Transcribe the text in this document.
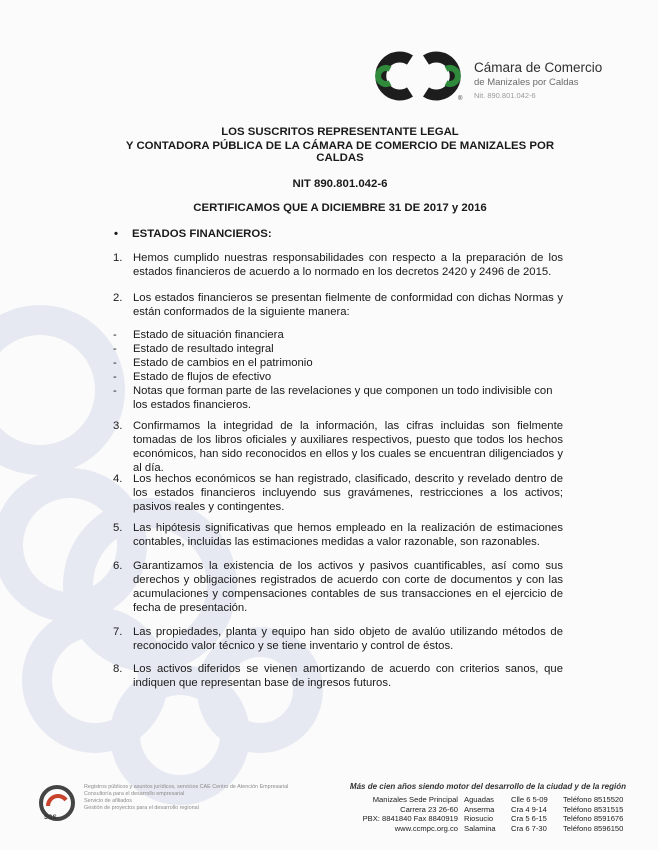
®
Cámara de Comercio
de Manizales por Caldas
Nit. 890.801.042-6
LOS SUSCRITOS REPRESENTANTE LEGAL
Y CONTADORA PÚBLICA DE LA CÁMARA DE COMERCIO DE MANIZALES POR
CALDAS
NIT 890.801.042-6
CERTIFICAMOS QUE A DICIEMBRE 31 DE 2017 y 2016
• ESTADOS FINANCIEROS:
1. Hemos cumplido nuestras responsabilidades con respecto a la preparación de los estados financieros de acuerdo a lo normado en los decretos 2420 y 2496 de 2015.
2. Los estados financieros se presentan fielmente de conformidad con dichas Normas y están conformados de la siguiente manera:
- Estado de situación financiera
- Estado de resultado integral
- Estado de cambios en el patrimonio
- Estado de flujos de efectivo
- Notas que forman parte de las revelaciones y que componen un todo indivisible con los estados financieros.
3. Confirmamos la integridad de la información, las cifras incluidas son fielmente tomadas de los libros oficiales y auxiliares respectivos, puesto que todos los hechos económicos, han sido reconocidos en ellos y los cuales se encuentran diligenciados y al día.
4. Los hechos económicos se han registrado, clasificado, descrito y revelado dentro de los estados financieros incluyendo sus gravámenes, restricciones a los activos; pasivos reales y contingentes.
5. Las hipótesis significativas que hemos empleado en la realización de estimaciones contables, incluidas las estimaciones medidas a valor razonable, son razonables.
6. Garantizamos la existencia de los activos y pasivos cuantificables, así como sus derechos y obligaciones registrados de acuerdo con corte de documentos y con las acumulaciones y compensaciones contables de sus transacciones en el ejercicio de fecha de presentación.
7. Las propiedades, planta y equipo han sido objeto de avalúo utilizando métodos de reconocido valor técnico y se tiene inventario y control de éstos.
8. Los activos diferidos se vienen amortizando de acuerdo con criterios sanos, que indiquen que representan base de ingresos futuros.
SGS
Registros públicos y asuntos jurídicos, servicios CAE Centro de Atención Empresarial
Consultoría para el desarrollo empresarial
Servicio de afiliados
Gestión de proyectos para el desarrollo regional
Más de cien años siendo motor del desarrollo de la ciudad y de la región
Manizales Sede Principal
Carrera 23 26-60
PBX: 8841840 Fax 8840919
www.ccmpc.org.co
Aguadas Clle 6 5-09 Teléfono 8515520
Anserma Cra 4 9-14 Teléfono 8531515
Riosucio Cra 5 6-15 Teléfono 8591676
Salamina Cra 6 7-30 Teléfono 8596150
